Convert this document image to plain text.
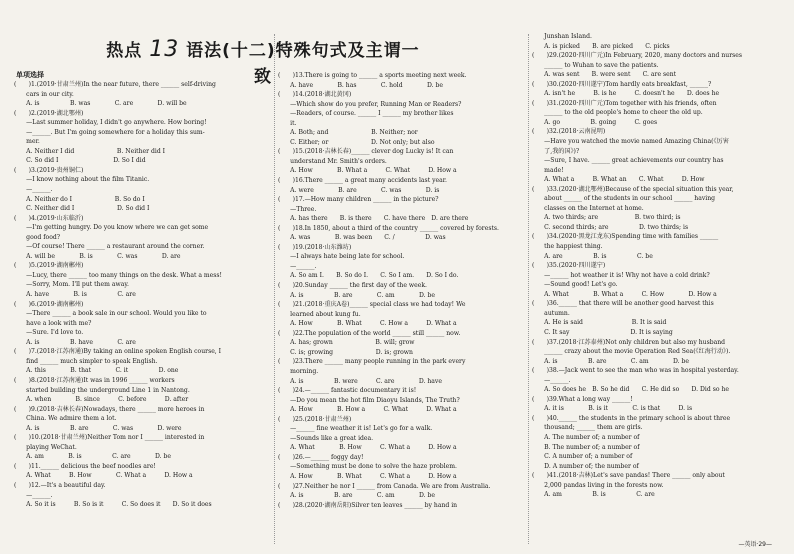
热点 13 语法(十二)特殊句式及主谓一致
单项选择
(　　)1.(2019·甘肃兰州)In the near future, there ______ self-driving
　　cars in our city.
　　A. is　　　　　B. was　　　　C. are　　　　D. will be
(　　)2.(2019·湖北鄂州)
　　—Last summer holiday, I didn't go anywhere. How boring!
　　—______. But I'm going somewhere for a holiday this sum-
　　mer.
　　A. Neither I did　　　　　　　B. Neither did I
　　C. So did I　　　　　　　　　D. So I did
(　　)3.(2019·贵州铜仁)
　　—I know nothing about the film Titanic.
　　—______.
　　A. Neither do I　　　　　　　B. So do I
　　C. Neither did I　　　　　　　D. So did I
(　　)4.(2019·山东临沂)
　　—I'm getting hungry. Do you know where we can get some
　　good food?
　　—Of course! There ______ a restaurant around the corner.
　　A. will be　　　　B. is　　　　C. was　　　　D. are
(　　)5.(2019·湖南郴州)
　　—Lucy, there ______ too many things on the desk. What a mess!
　　—Sorry, Mom. I'll put them away.
　　A. have　　　　B. is　　　　　C. are
(　　)6.(2019·湖南郴州)
　　—There ______ a book sale in our school. Would you like to
　　have a look with me?
　　—Sure. I'd love to.
　　A. is　　　　　B. have　　　　C. are
(　　)7.(2018·江苏南通)By taking an online spoken English course, I
　　find ______ much simpler to speak English.
　　A. this　　　　B. that　　　　C. it　　　　　D. one
(　　)8.(2018·江苏南通)It was in 1996 ______ workers
　　started building the underground Line 1 in Nantong.
　　A. when　　　　B. since　　　C. before　　　D. after
(　　)9.(2018·吉林长春)Nowadays, there ______ more heroes in
　　China. We admire them a lot.
　　A. is　　　　　B. are　　　　C. was　　　　D. were
(　　)10.(2018·甘肃兰州)Neither Tom nor I ______ interested in
　　playing WeChat.
　　A. am　　　　B. is　　　　　C. are　　　　D. be
(　　)11.______ delicious the beef noodles are!
　　A. What　　　B. How　　　　C. What a　　　D. How a
(　　)12.—It's a beautiful day.
　　—______.
　　A. So it is　　　B. So is it　　　C. So does it　　D. So it does
(　　)13.There is going to ______ a sports meeting next week.
　　A. have　　　　B. has　　　　C. hold　　　　D. be
(　　)14.(2018·湖北黄冈)
　　—Which show do you prefer, Running Man or Readers?
　　—Readers, of course. ______ I ______ my brother likes
　　it.
　　A. Both; and　　　　　　　B. Neither; nor
　　C. Either; or　　　　　　　D. Not only; but also
(　　)15.(2018·吉林长春)______ clever dog Lucky is! It can
　　understand Mr. Smith's orders.
　　A. How　　　　B. What a　　　C. What　　　D. How a
(　　)16.There ______ a great many accidents last year.
　　A. were　　　　B. are　　　　C. was　　　　D. is
(　　)17.—How many children ______ in the picture?
　　—Three.
　　A. has there　　B. is there　　C. have there　D. are there
(　　)18.In 1850, about a third of the country ______ covered by forests.
　　A. was　　　　B. was been　　C. /　　　　　D. was
(　　)19.(2018·山东潍坊)
　　—I always hate being late for school.
　　—______.
　　A. So am I.　　B. So do I.　　C. So I am.　　D. So I do.
(　　)20.Sunday ______ the first day of the week.
　　A. is　　　　　B. are　　　　C. am　　　　D. be
(　　)21.(2018·重庆A卷)______ special class we had today! We
　　learned about kung fu.
　　A. How　　　　B. What　　　C. How a　　　D. What a
(　　)22.The population of the world ______ still ______ now.
　　A. has; grown　　　　　　　B. will; grow
　　C. is; growing　　　　　　　D. is; grown
(　　)23.There ______ many people running in the park every
　　morning.
　　A. is　　　　　B. were　　　C. are　　　　D. have
(　　)24.—______ fantastic documentary it is!
　　—Do you mean the hot film Diaoyu Islands, The Truth?
　　A. How　　　　B. How a　　　C. What　　　D. What a
(　　)25.(2018·甘肃兰州)
　　—______ fine weather it is! Let's go for a walk.
　　—Sounds like a great idea.
　　A. What　　　　B. How　　　C. What a　　　D. How a
(　　)26.—______ foggy day!
　　—Something must be done to solve the haze problem.
　　A. How　　　　B. What　　　C. What a　　　D. How a
(　　)27.Neither he nor I ______ from Canada. We are from Australia.
　　A. is　　　　　B. are　　　　C. am　　　　D. be
(　　)28.(2020·湖南岳阳)Silver ten leaves ______ by hand in
　　Junshan Island.
　　A. is picked　　B. are picked　　C. picks
(　　)29.(2020·四川广元)In February, 2020, many doctors and nurses
　　______ to Wuhan to save the patients.
　　A. was sent　　B. were sent　　C. are sent
(　　)30.(2020·四川遂宁)Tom hardly eats breakfast, ______?
　　A. isn't he　　　B. is he　　　C. doesn't he　　D. does he
(　　)31.(2020·四川广元)Tom together with his friends, often
　　______ to the old people's home to cheer the old up.
　　A. go　　　　　B. going　　　C. goes
(　　)32.(2018·云南昆明)
　　—Have you watched the movie named Amazing China(《厉害
　　了,我的国》)?
　　—Sure, I have. ______ great achievements our country has
　　made!
　　A. What a　　　B. What an　　C. What　　　D. How
(　　)33.(2020·湖北鄂州)Because of the special situation this year,
　　about ______ of the students in our school ______ having
　　classes on the Internet at home.
　　A. two thirds; are　　　　　　B. two third; is
　　C. second thirds; are　　　　　D. two thirds; is
(　　)34.(2020·黑龙江龙东)Spending time with families ______
　　the happiest thing.
　　A. are　　　　　B. is　　　　　C. be
(　　)35.(2020·四川遂宁)
　　—______ hot weather it is! Why not have a cold drink?
　　—Sound good! Let's go.
　　A. What　　　　B. What a　　　C. How　　　　D. How a
(　　)36.______ that there will be another good harvest this
　　autumn.
　　A. He is said　　　　　　　　B. It is said
　　C. It say　　　　　　　　　　D. It is saying
(　　)37.(2018·江苏泰州)Not only children but also my husband
　　______ crazy about the movie Operation Red Sea(《红海行动》).
　　A. is　　　　　B. are　　　　C. am　　　　D. be
(　　)38.—Jack went to see the man who was in hospital yesterday.
　　—______.
　　A. So does he　B. So he did　　C. He did so　　D. Did so he
(　　)39.What a long way ______!
　　A. it is　　　　B. is it　　　　C. is that　　　D. is
(　　)40.______ the students in the primary school is about three
　　thousand; ______ them are girls.
　　A. The number of; a number of
　　B. The number of; a number of
　　C. A number of; a number of
　　D. A number of; the number of
(　　)41.(2018·吉林)Let's save pandas! There ______ only about
　　2,000 pandas living in the forests now.
　　A. am　　　　　B. is　　　　　C. are
—英语·29—
